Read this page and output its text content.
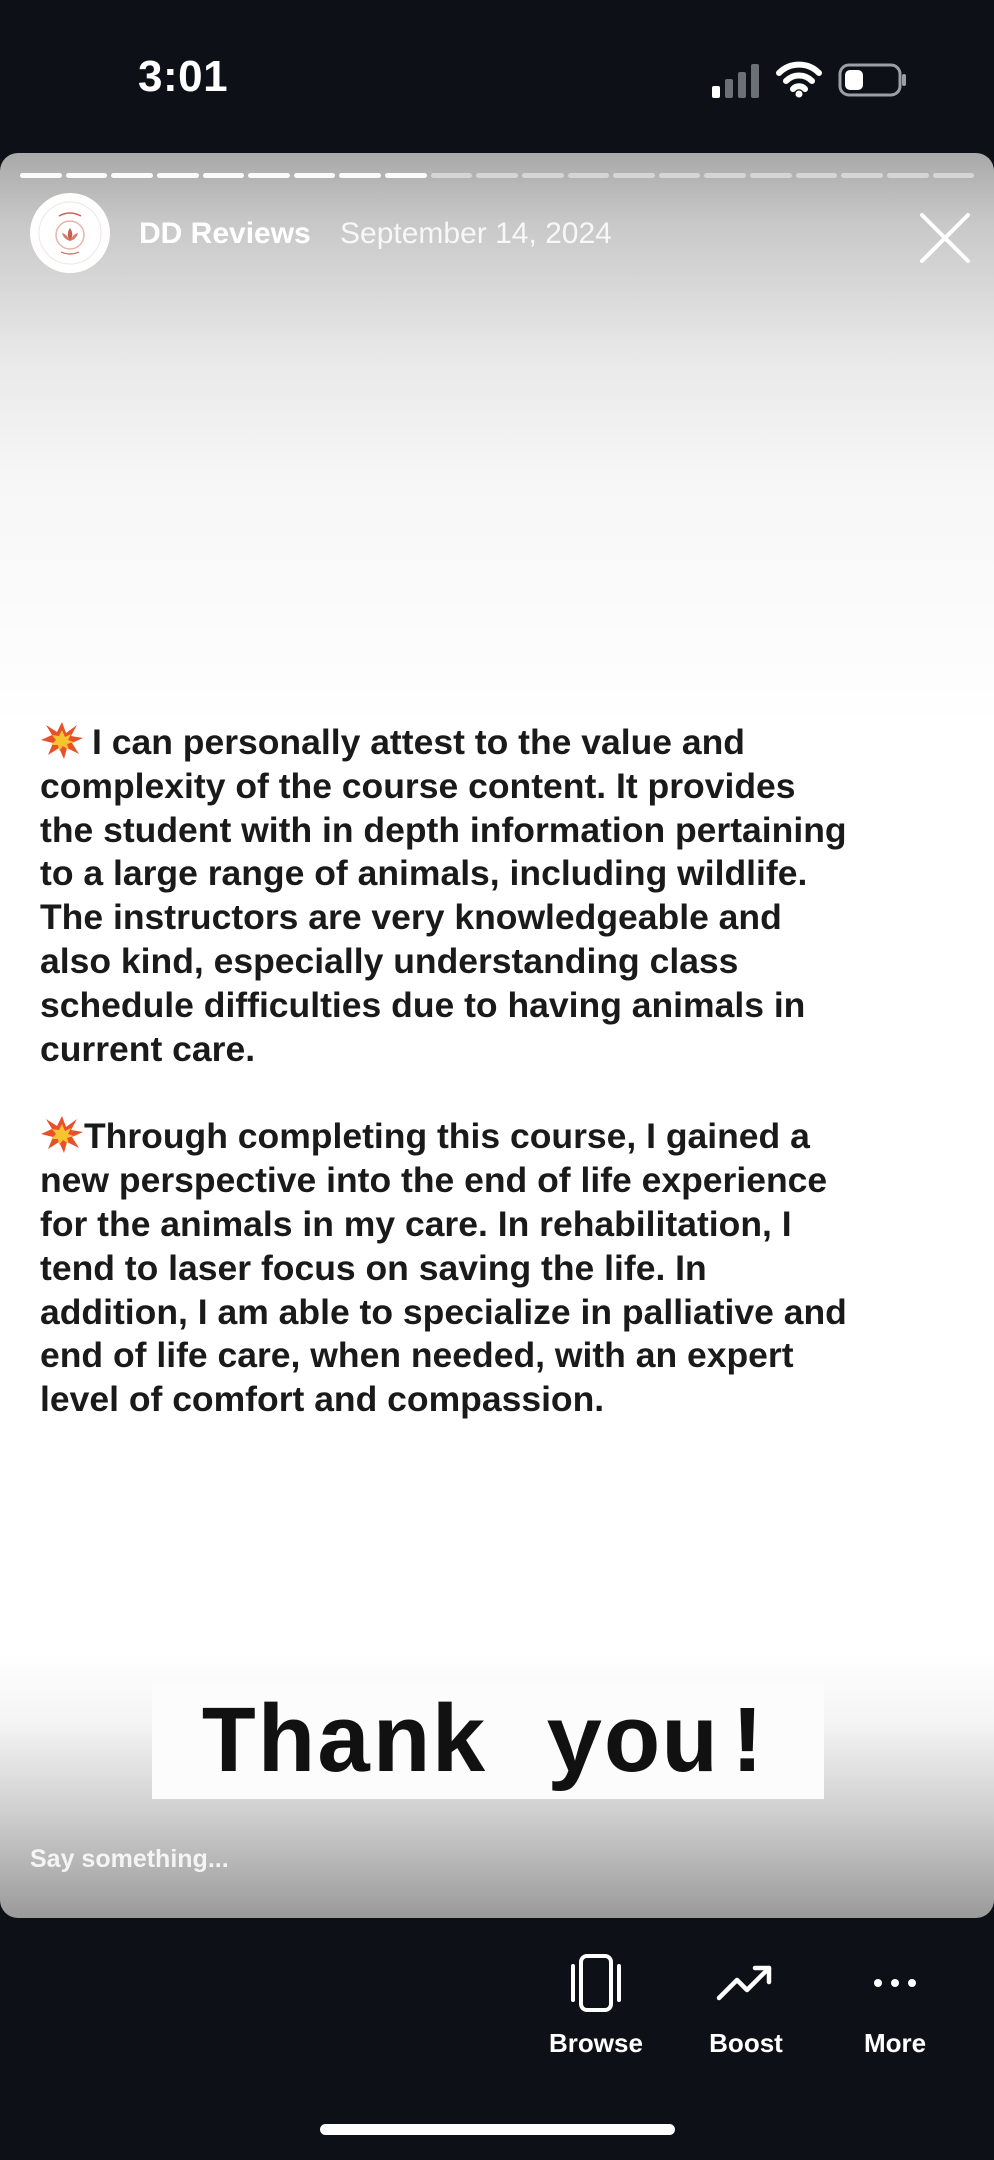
3:01
DD Reviews September 14, 2024
I can personally attest to the value and
complexity of the course content. It provides
the student with in depth information pertaining
to a large range of animals, including wildlife.
The instructors are very knowledgeable and
also kind, especially understanding class
schedule difficulties due to having animals in
current care.
Through completing this course, I gained a
new perspective into the end of life experience
for the animals in my care. In rehabilitation, I
tend to laser focus on saving the life. In
addition, I am able to specialize in palliative and
end of life care, when needed, with an expert
level of comfort and compassion.
Thank you!
Say something...
Browse	Boost	More
